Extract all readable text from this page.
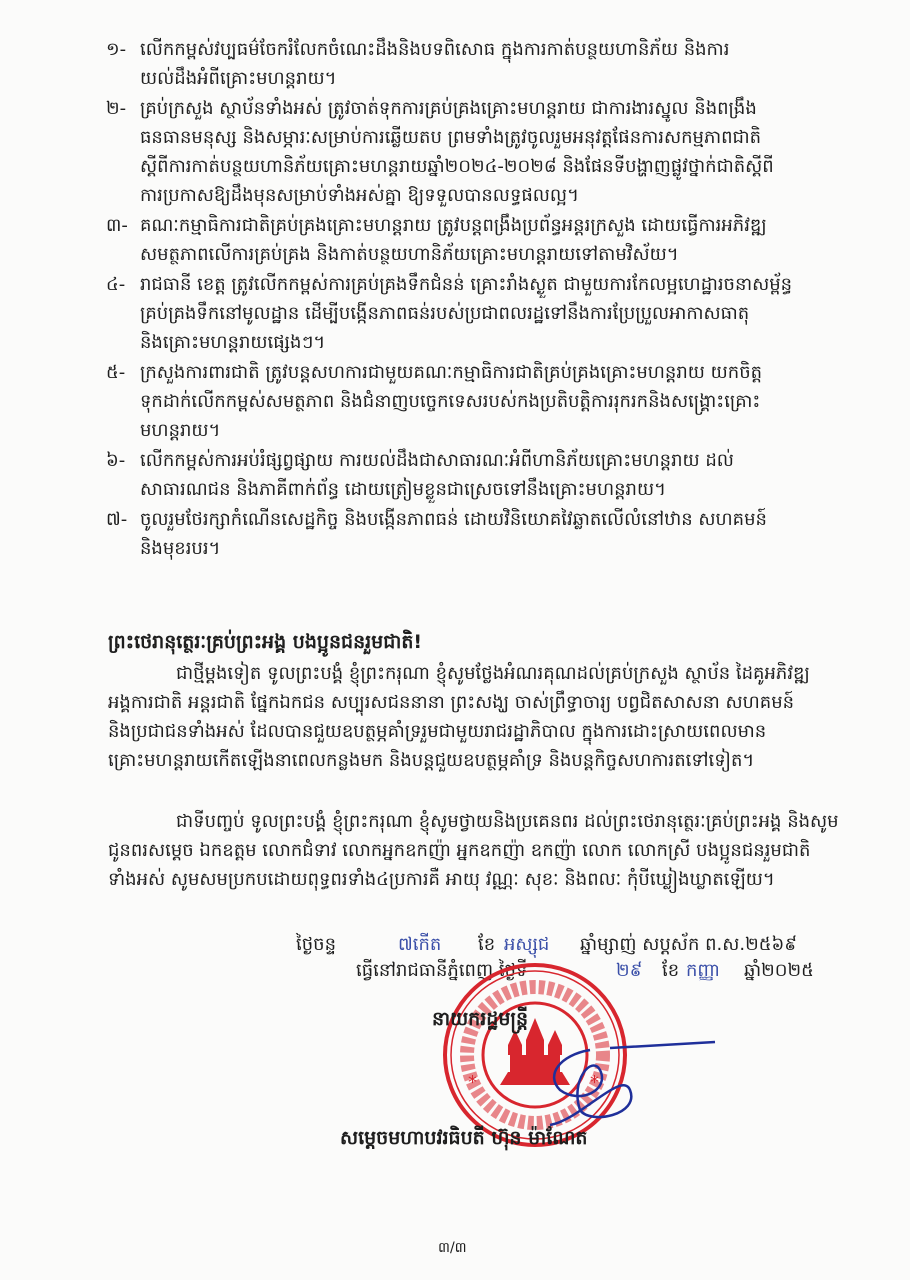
១- លើកកម្ពស់វប្បធម៌ចែករំលែកចំណេះដឹងនិងបទពិសោធ ក្នុងការកាត់បន្ថយហានិភ័យ និងការ
យល់ដឹងអំពីគ្រោះមហន្តរាយ។
២- គ្រប់ក្រសួង ស្ថាប័នទាំងអស់ ត្រូវចាត់ទុកការគ្រប់គ្រងគ្រោះមហន្តរាយ ជាការងារស្នូល និងពង្រឹង
ធនធានមនុស្ស និងសម្ភារៈសម្រាប់ការឆ្លើយតប ព្រមទាំងត្រូវចូលរួមអនុវត្តផែនការសកម្មភាពជាតិ
ស្តីពីការកាត់បន្ថយហានិភ័យគ្រោះមហន្តរាយឆ្នាំ២០២៤-២០២៨ និងផែនទីបង្ហាញផ្លូវថ្នាក់ជាតិស្តីពី
ការប្រកាសឱ្យដឹងមុនសម្រាប់ទាំងអស់គ្នា ឱ្យទទួលបានលទ្ធផលល្អ។
៣- គណៈកម្មាធិការជាតិគ្រប់គ្រងគ្រោះមហន្តរាយ ត្រូវបន្តពង្រឹងប្រព័ន្ធអន្តរក្រសួង ដោយធ្វើការអភិវឌ្ឍ
សមត្ថភាពលើការគ្រប់គ្រង និងកាត់បន្ថយហានិភ័យគ្រោះមហន្តរាយទៅតាមវិស័យ។
៤- រាជធានី ខេត្ត ត្រូវលើកកម្ពស់ការគ្រប់គ្រងទឹកជំនន់ គ្រោះរាំងស្ងួត ជាមួយការកែលម្អហេដ្ឋារចនាសម្ព័ន្ធ
គ្រប់គ្រងទឹកនៅមូលដ្ឋាន ដើម្បីបង្កើនភាពធន់របស់ប្រជាពលរដ្ឋទៅនឹងការប្រែប្រួលអាកាសធាតុ
និងគ្រោះមហន្តរាយផ្សេងៗ។
៥- ក្រសួងការពារជាតិ ត្រូវបន្តសហការជាមួយគណៈកម្មាធិការជាតិគ្រប់គ្រងគ្រោះមហន្តរាយ យកចិត្ត
ទុកដាក់លើកកម្ពស់សមត្ថភាព និងជំនាញបច្ចេកទេសរបស់កងប្រតិបត្តិការរុករកនិងសង្គ្រោះគ្រោះ
មហន្តរាយ។
៦- លើកកម្ពស់ការអប់រំផ្សព្វផ្សាយ ការយល់ដឹងជាសាធារណៈអំពីហានិភ័យគ្រោះមហន្តរាយ ដល់
សាធារណជន និងភាគីពាក់ព័ន្ធ ដោយត្រៀមខ្លួនជាស្រេចទៅនឹងគ្រោះមហន្តរាយ។
៧- ចូលរួមថែរក្សាកំណើនសេដ្ឋកិច្ច និងបង្កើនភាពធន់ ដោយវិនិយោគវៃឆ្លាតលើលំនៅឋាន សហគមន៍
និងមុខរបរ។
ព្រះថេរានុត្ថេរៈគ្រប់ព្រះអង្គ បងប្អូនជនរួមជាតិ!
ជាថ្មីម្តងទៀត ទូលព្រះបង្គំ ខ្ញុំព្រះករុណា ខ្ញុំសូមថ្លែងអំណរគុណដល់គ្រប់ក្រសួង ស្ថាប័ន ដៃគូអភិវឌ្ឍ
អង្គការជាតិ អន្តរជាតិ ផ្នែកឯកជន សប្បុរសជននានា ព្រះសង្ឃ ចាស់ព្រឹទ្ធាចារ្យ បព្វជិតសាសនា សហគមន៍
និងប្រជាជនទាំងអស់ ដែលបានជួយឧបត្ថម្ភគាំទ្ររួមជាមួយរាជរដ្ឋាភិបាល ក្នុងការដោះស្រាយពេលមាន
គ្រោះមហន្តរាយកើតឡើងនាពេលកន្លងមក និងបន្តជួយឧបត្ថម្ភគាំទ្រ និងបន្តកិច្ចសហការតទៅទៀត។
ជាទីបញ្ចប់ ទូលព្រះបង្គំ ខ្ញុំព្រះករុណា ខ្ញុំសូមថ្វាយនិងប្រគេនពរ ដល់ព្រះថេរានុត្ថេរៈគ្រប់ព្រះអង្គ និងសូម
ជូនពរសម្តេច ឯកឧត្តម លោកជំទាវ លោកអ្នកឧកញ៉ា អ្នកឧកញ៉ា ឧកញ៉ា លោក លោកស្រី បងប្អូនជនរួមជាតិ
ទាំងអស់ សូមសមប្រកបដោយពុទ្ធពរទាំង៤ប្រការគឺ អាយុ វណ្ណៈ សុខៈ និងពលៈ កុំបីឃ្លៀងឃ្លាតឡើយ។
ថ្ងៃចន្ទ	៧កើត ខែ អស្សុជ ឆ្នាំម្សាញ់ សប្តស័ក ព.ស.២៥៦៩
ធ្វើនៅរាជធានីភ្នំពេញ ថ្ងៃទី	២៩ ខែ កញ្ញា ឆ្នាំ២០២៥
*	*
នាយករដ្ឋមន្ត្រី
សម្តេចមហាបវរធិបតី ហ៊ុន ម៉ាណែត
៣/៣
